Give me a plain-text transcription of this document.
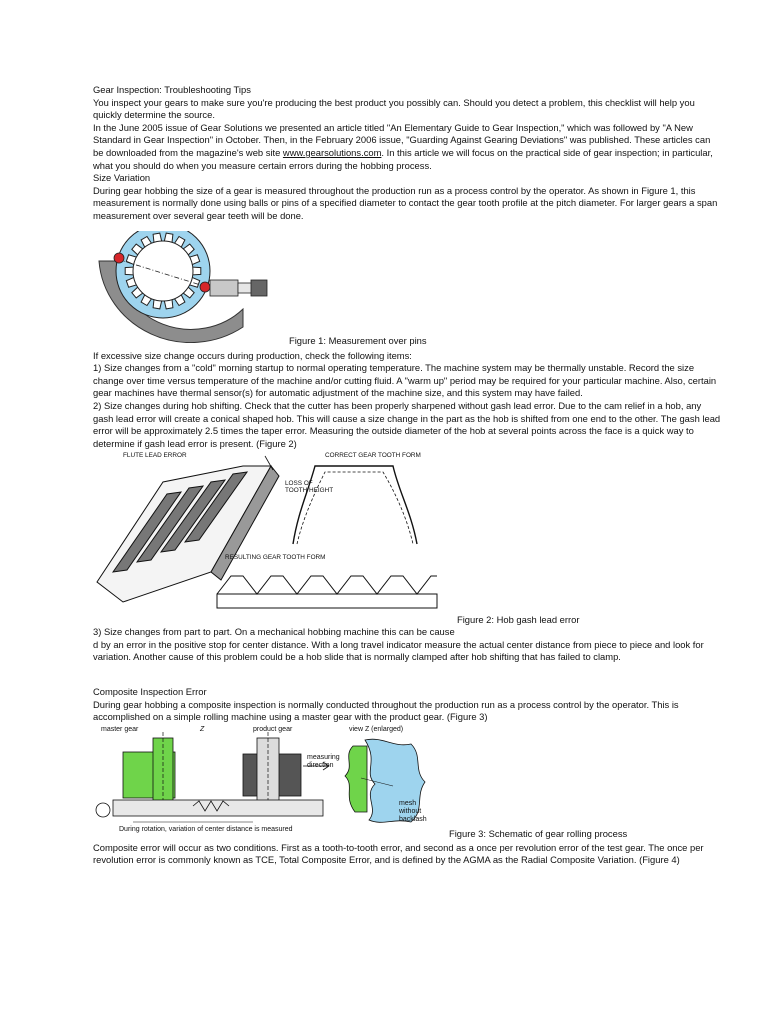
Gear Inspection: Troubleshooting Tips

You inspect your gears to make sure you're producing the best product you possibly can. Should you detect a problem, this checklist will help you quickly determine the source.

In the June 2005 issue of Gear Solutions we presented an article titled "An Elementary Guide to Gear Inspection," which was followed by "A New Standard in Gear Inspection" in October. Then, in the February 2006 issue, "Guarding Against Gearing Deviations" was published. These articles can be downloaded from the magazine's web site www.gearsolutions.com. In this article we will focus on the practical side of gear inspection; in particular, what you should do when you measure certain errors during the hobbing process.

Size Variation

During gear hobbing the size of a gear is measured throughout the production run as a process control by the operator. As shown in Figure 1, this measurement is normally done using balls or pins of a specified diameter to contact the gear tooth profile at the pitch diameter. For larger gears a span measurement over several gear teeth will be done.

Figure 1: Measurement over pins

If excessive size change occurs during production, check the following items:

1) Size changes from a "cold" morning startup to normal operating temperature. The machine system may be thermally unstable. Record the size change over time versus temperature of the machine and/or cutting fluid. A "warm up" period may be required for your particular machine. Also, certain gear machines have thermal sensor(s) for automatic adjustment of the machine size, and this system may have failed.

2) Size changes during hob shifting. Check that the cutter has been properly sharpened without gash lead error. Due to the cam relief in a hob, any gash lead error will create a conical shaped hob. This will cause a size change in the part as the hob is shifted from one end to the other. The gash lead error will be approximately 2.5 times the taper error. Measuring the outside diameter of the hob at several points across the face is a quick way to determine if gash lead error is present. (Figure 2)

FLUTE LEAD ERROR	CORRECT GEAR TOOTH FORM
LOSS OF
TOOTH HEIGHT
RESULTING GEAR TOOTH FORM
Figure 2: Hob gash lead error

3) Size changes from part to part. On a mechanical hobbing machine this can be cause

d by an error in the positive stop for center distance. With a long travel indicator measure the actual center distance from piece to piece and look for variation. Another cause of this problem could be a hob slide that is normally clamped after hob shifting that has failed to clamp.

Composite Inspection Error

During gear hobbing a composite inspection is normally conducted throughout the production run as a process control by the operator. This is accomplished on a simple rolling machine using a master gear with the product gear. (Figure 3)

master gear	Z	product gear	view Z (enlarged)
measuring
direction
During rotation, variation of center distance is measured
mesh
without
backlash
Figure 3: Schematic of gear rolling process

Composite error will occur as two conditions. First as a tooth-to-tooth error, and second as a once per revolution error of the test gear. The once per revolution error is commonly known as TCE, Total Composite Error, and is defined by the AGMA as the Radial Composite Variation. (Figure 4)
